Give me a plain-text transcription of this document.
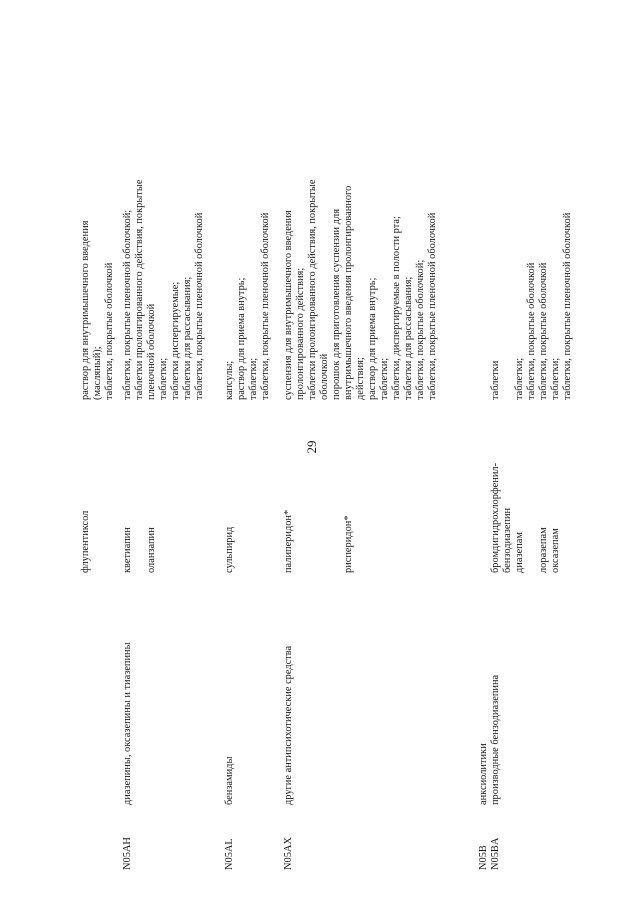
29
флупентиксол
раствор для внутримышечного введения (масляный); таблетки, покрытые оболочкой
N05AH
диазепины, оксазепины и тиазепины
кветиапин оланзапин
таблетки, покрытые пленочной оболочкой; таблетки пролонгированного действия, покрытые пленочной оболочкой таблетки; таблетки диспергируемые; таблетки для рассасывания; таблетки, покрытые пленочной оболочкой
N05AL
бензамиды
сульпирид
капсулы; раствор для приема внутрь; таблетки; таблетки, покрытые пленочной оболочкой
N05AX
другие антипсихотические средства
палиперидон*	рисперидон*
суспензия для внутримышечного введения пролонгированного действия; таблетки пролонгированного действия, покрытые оболочкой порошок для приготовления суспензии для внутримышечного введения пролонгированного действия; раствор для приема внутрь; таблетки; таблетки, диспергируемые в полости рта; таблетки для рассасывания; таблетки, покрытые оболочкой; таблетки, покрытые пленочной оболочкой
N05B N05BA
анксиолитики производные бензодиазепина
бромдигидрохлорфенил- бензодиазепин диазепам лоразепам оксазепам
таблетки таблетки; таблетки, покрытые оболочкой таблетки, покрытые оболочкой таблетки; таблетки, покрытые пленочной оболочкой
